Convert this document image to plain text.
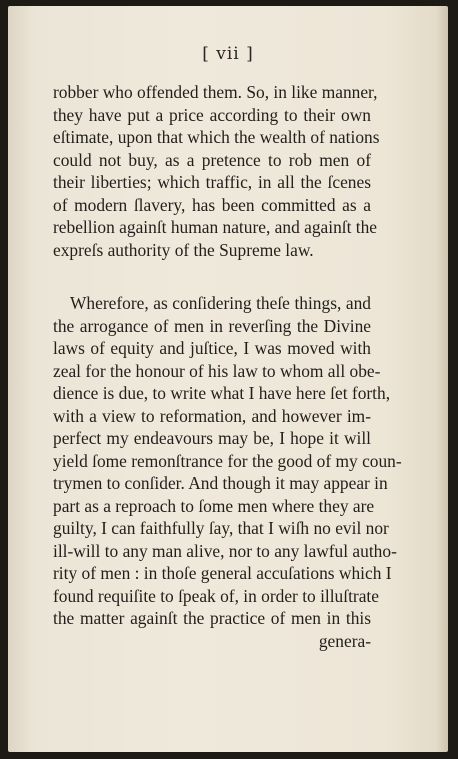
[ vii ]
robber who offended them. So, in like manner,
they have put a price according to their own
eſtimate, upon that which the wealth of nations
could not buy, as a pretence to rob men of
their liberties; which traffic, in all the ſcenes
of modern ſlavery, has been committed as a
rebellion againſt human nature, and againſt the
expreſs authority of the Supreme law.
Wherefore, as conſidering theſe things, and
the arrogance of men in reverſing the Divine
laws of equity and juſtice, I was moved with
zeal for the honour of his law to whom all obe-
dience is due, to write what I have here ſet forth,
with a view to reformation, and however im-
perfect my endeavours may be, I hope it will
yield ſome remonſtrance for the good of my coun-
trymen to conſider. And though it may appear in
part as a reproach to ſome men where they are
guilty, I can faithfully ſay, that I wiſh no evil nor
ill-will to any man alive, nor to any lawful autho-
rity of men : in thoſe general accuſations which I
found requiſite to ſpeak of, in order to illuſtrate
the matter againſt the practice of men in this
genera-
